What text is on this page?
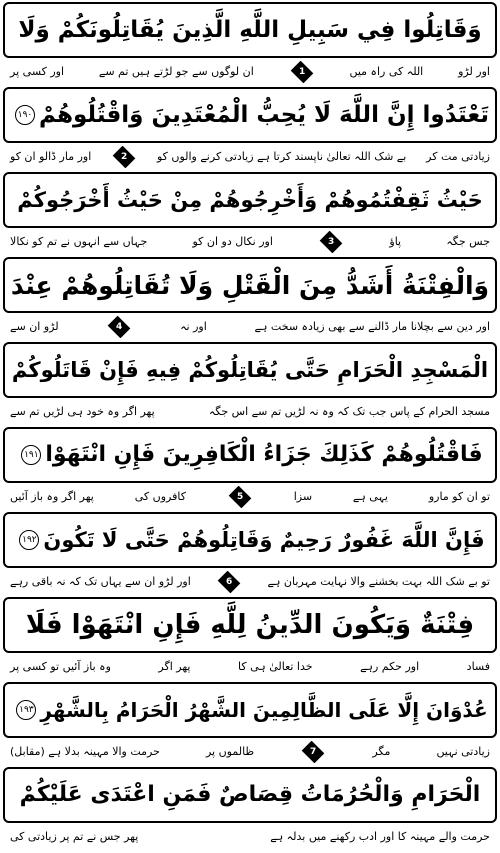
وَقَاتِلُوا فِي سَبِيلِ اللَّهِ الَّذِينَ يُقَاتِلُونَكُمْ وَلَا
اور لڑو
اللہ کی راہ میں
1
ان لوگوں سے جو لڑتے ہیں تم سے
اور کسی پر
تَعْتَدُوا إِنَّ اللَّهَ لَا يُحِبُّ الْمُعْتَدِينَ وَاقْتُلُوهُمْ
۱۹۰
زیادتی مت کر
بے شک اللہ تعالیٰ ناپسند کرتا ہے زیادتی کرنے والوں کو
2
اور مار ڈالو ان کو
حَيْثُ ثَقِفْتُمُوهُمْ وَأَخْرِجُوهُمْ مِنْ حَيْثُ أَخْرَجُوكُمْ
جس جگہ
پاؤ
3
اور نکال دو ان کو
جہاں سے انہوں نے تم کو نکالا
وَالْفِتْنَةُ أَشَدُّ مِنَ الْقَتْلِ وَلَا تُقَاتِلُوهُمْ عِنْدَ
اور دین سے بچلانا مار ڈالنے سے بھی زیادہ سخت ہے
اور نہ
4
لڑو ان سے
الْمَسْجِدِ الْحَرَامِ حَتَّى يُقَاتِلُوكُمْ فِيهِ فَإِنْ قَاتَلُوكُمْ
مسجد الحرام کے پاس جب تک کہ وہ نہ لڑیں تم سے اس جگہ
پھر اگر وہ خود ہی لڑیں تم سے
فَاقْتُلُوهُمْ كَذَلِكَ جَزَاءُ الْكَافِرِينَ فَإِنِ انْتَهَوْا
۱۹۱
تو ان کو مارو
یہی ہے
سزا
5
کافروں کی
پھر اگر وہ باز آئیں
فَإِنَّ اللَّهَ غَفُورٌ رَحِيمٌ وَقَاتِلُوهُمْ حَتَّى لَا تَكُونَ
۱۹۲
تو بے شک اللہ بہت بخشنے والا نہایت مہربان ہے
6
اور لڑو ان سے یہاں تک کہ نہ باقی رہے
فِتْنَةٌ وَيَكُونَ الدِّينُ لِلَّهِ فَإِنِ انْتَهَوْا فَلَا
فساد
اور حکم رہے
خدا تعالیٰ ہی کا
پھر اگر
وہ باز آئیں تو کسی پر
عُدْوَانَ إِلَّا عَلَى الظَّالِمِينَ الشَّهْرُ الْحَرَامُ بِالشَّهْرِ
۱۹۳
زیادتی نہیں
مگر
7
ظالموں پر
حرمت والا مہینہ بدلا ہے (مقابل)
الْحَرَامِ وَالْحُرُمَاتُ قِصَاصٌ فَمَنِ اعْتَدَى عَلَيْكُمْ
حرمت والے مہینہ کا اور ادب رکھنے میں بدلہ ہے
پھر جس نے تم پر زیادتی کی
